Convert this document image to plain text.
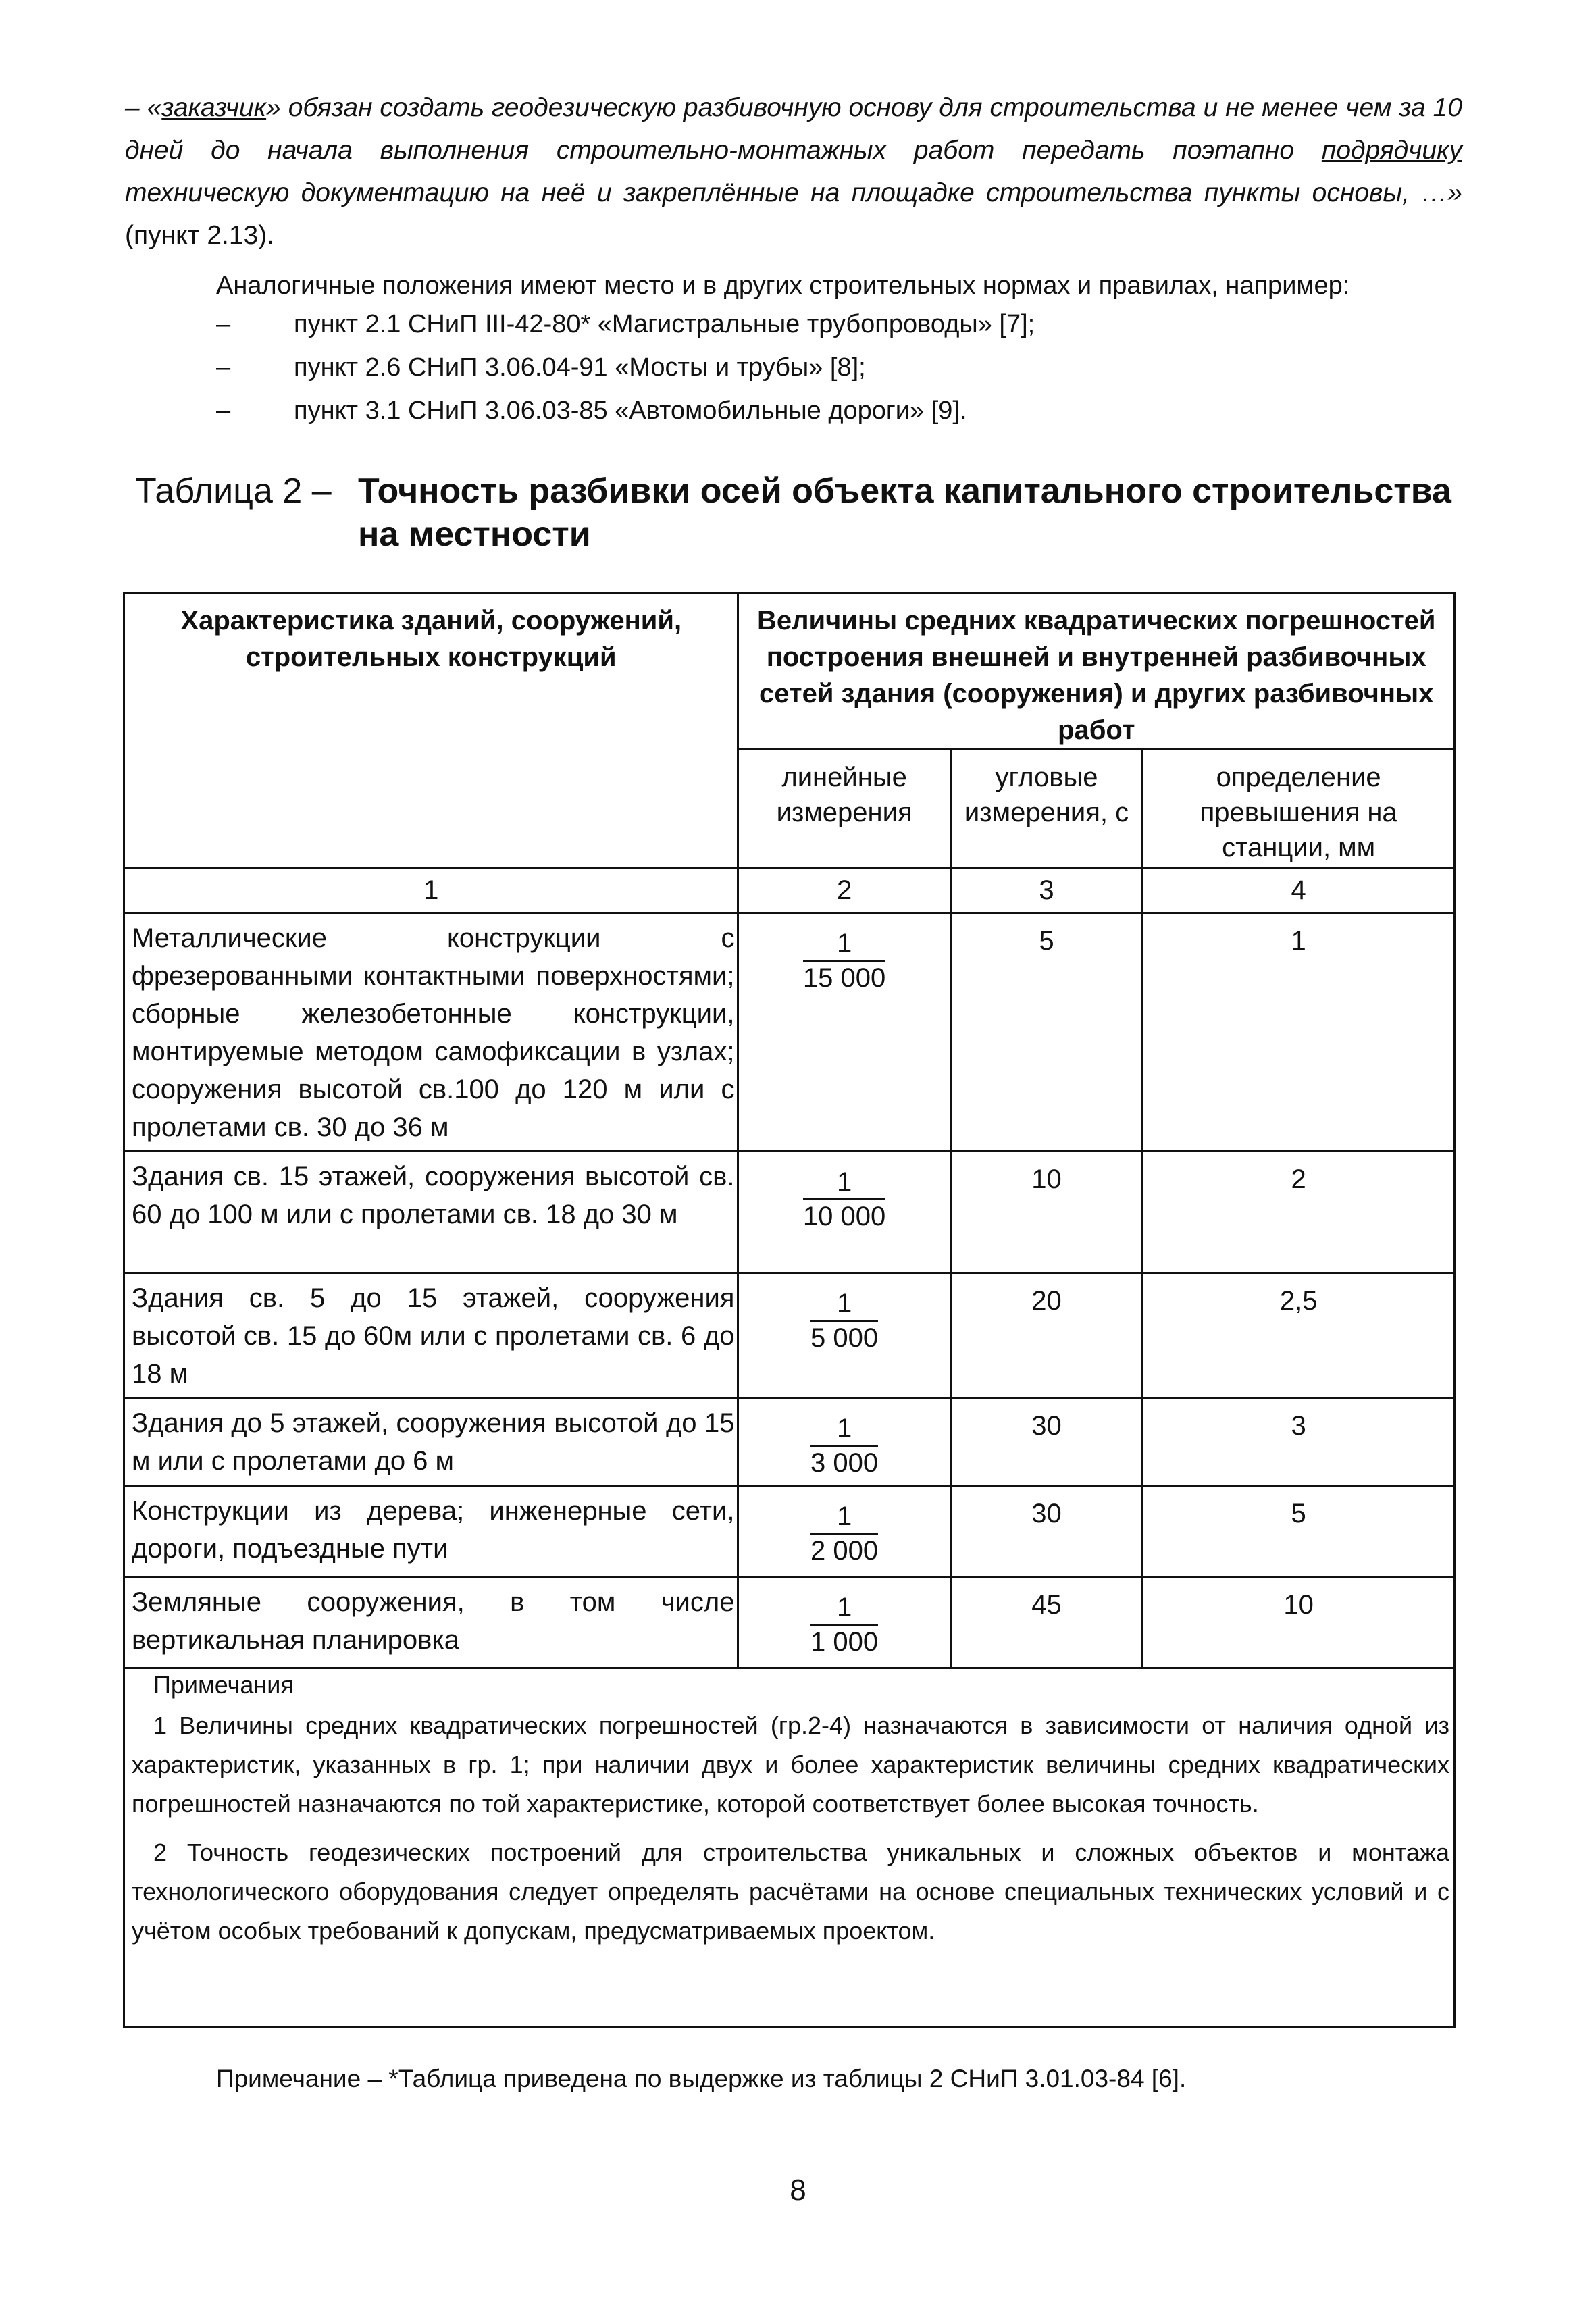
– «заказчик» обязан создать геодезическую разбивочную основу для строительства и не менее чем за 10 дней до начала выполнения строительно-монтажных работ передать поэтапно подрядчику техническую документацию на неё и закреплённые на площадке строительства пункты основы, …» (пункт 2.13).
Аналогичные положения имеют место и в других строительных нормах и правилах, например:
–	пункт 2.1 СНиП III-42-80* «Магистральные трубопроводы» [7];
–	пункт 2.6 СНиП 3.06.04-91 «Мосты и трубы» [8];
–	пункт 3.1 СНиП 3.06.03-85 «Автомобильные дороги» [9].
Таблица 2 – Точность разбивки осей объекта капитального строительства
на местности
Характеристика зданий, сооружений, строительных конструкций	Величины средних квадратических погрешностей построения внешней и внутренней разбивочных сетей здания (сооружения) и других разбивочных работ		
	линейные измерения	угловые измерения, с	определение превышения на станции, мм
1	2	3	4
Металлические конструкции с фрезерованными контактными поверхностями; сборные железобетонные конструкции, монтируемые методом самофиксации в узлах; сооружения высотой св.100 до 120 м или с пролетами св. 30 до 36 м	$\frac{1}{15 000}$	5	1
Здания св. 15 этажей, сооружения высотой св. 60 до 100 м или с пролетами св. 18 до 30 м	$\frac{1}{10 000}$	10	2
Здания св. 5 до 15 этажей, сооружения высотой св. 15 до 60м или с пролетами св. 6 до 18 м	$\frac{1}{5 000}$	20	2,5
Здания до 5 этажей, сооружения высотой до 15 м или с пролетами до 6 м	$\frac{1}{3 000}$	30	3
Конструкции из дерева; инженерные сети, дороги, подъездные пути	$\frac{1}{2 000}$	30	5
Земляные сооружения, в том числе вертикальная планировка	$\frac{1}{1 000}$	45	10
Примечания
1 Величины средних квадратических погрешностей (гр.2-4) назначаются в зависимости от наличия одной из характеристик, указанных в гр. 1; при наличии двух и более характеристик величины средних квадратических погрешностей назначаются по той характеристике, которой соответствует более высокая точность.
2 Точность геодезических построений для строительства уникальных и сложных объектов и монтажа технологического оборудования следует определять расчётами на основе специальных технических условий и с учётом особых требований к допускам, предусматриваемых проектом.
Примечание – *Таблица приведена по выдержке из таблицы 2 СНиП 3.01.03-84 [6].
8
